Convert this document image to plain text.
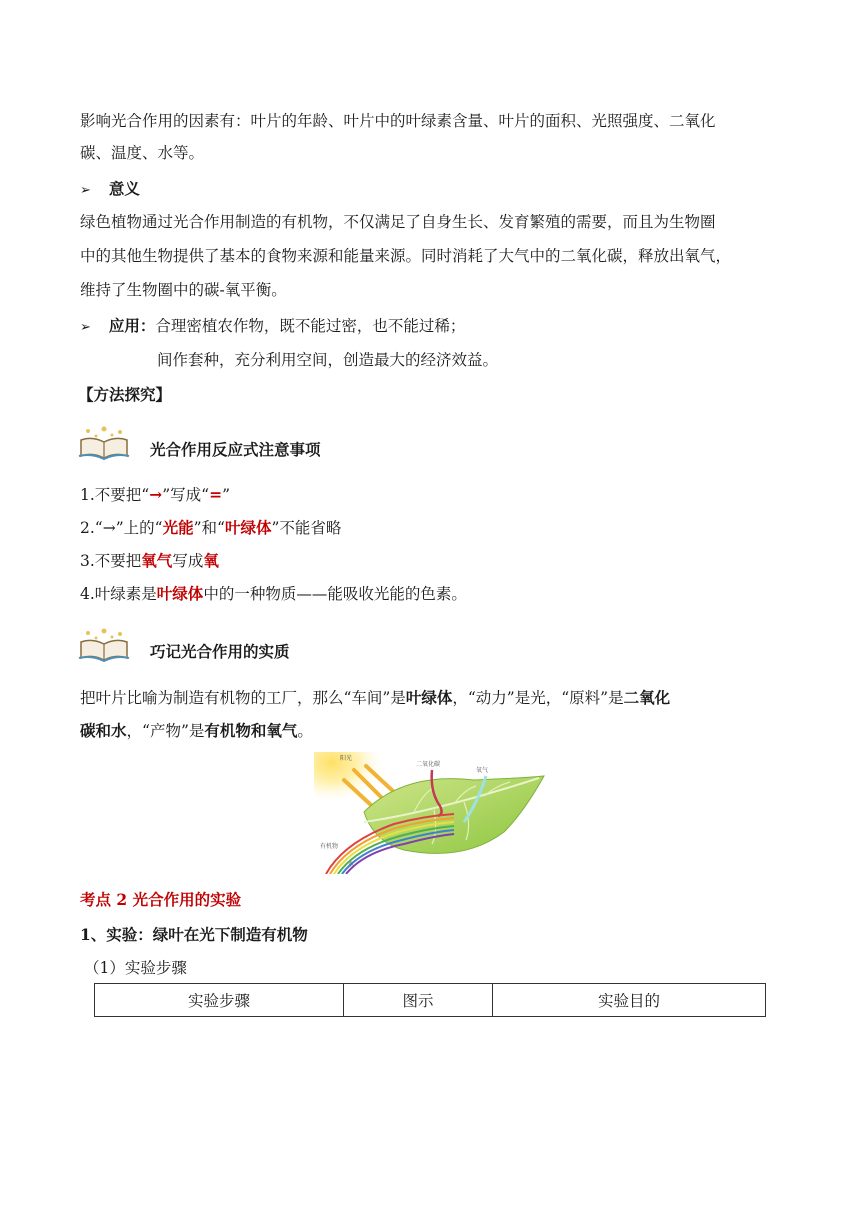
影响光合作用的因素有：叶片的年龄、叶片中的叶绿素含量、叶片的面积、光照强度、二氧化
碳、温度、水等。
➢ 意义
绿色植物通过光合作用制造的有机物，不仅满足了自身生长、发育繁殖的需要，而且为生物圈
中的其他生物提供了基本的食物来源和能量来源。同时消耗了大气中的二氧化碳，释放出氧气，
维持了生物圈中的碳-氧平衡。
➢ 应用：合理密植农作物，既不能过密，也不能过稀；
间作套种，充分利用空间，创造最大的经济效益。
【方法探究】
光合作用反应式注意事项
1.不要把“→”写成“=”
2.“→”上的“光能”和“叶绿体”不能省略
3.不要把氧气写成氧
4.叶绿素是叶绿体中的一种物质——能吸收光能的色素。
巧记光合作用的实质
把叶片比喻为制造有机物的工厂，那么“车间”是叶绿体，“动力”是光，“原料”是二氧化
碳和水，“产物”是有机物和氧气。
阳光
二氧化碳
氧气
有机物
水
考点 2 光合作用的实验
1、实验：绿叶在光下制造有机物
（1）实验步骤
实验步骤	图示	实验目的
